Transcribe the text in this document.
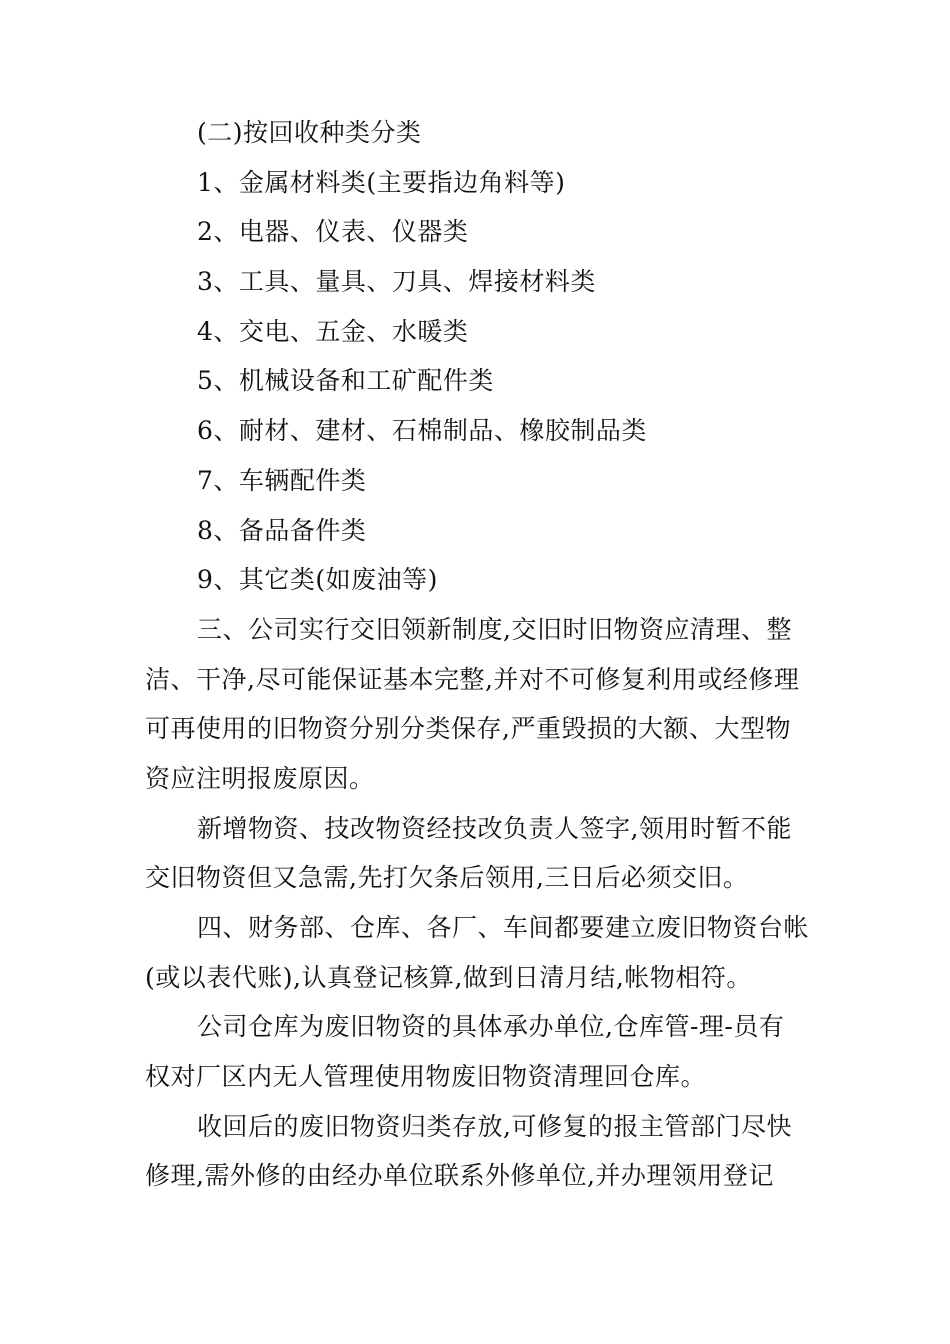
(二)按回收种类分类
1、金属材料类(主要指边角料等)
2、电器、仪表、仪器类
3、工具、量具、刀具、焊接材料类
4、交电、五金、水暖类
5、机械设备和工矿配件类
6、耐材、建材、石棉制品、橡胶制品类
7、车辆配件类
8、备品备件类
9、其它类(如废油等)
三、公司实行交旧领新制度,交旧时旧物资应清理、整
洁、干净,尽可能保证基本完整,并对不可修复利用或经修理
可再使用的旧物资分别分类保存,严重毁损的大额、大型物
资应注明报废原因。
新增物资、技改物资经技改负责人签字,领用时暂不能
交旧物资但又急需,先打欠条后领用,三日后必须交旧。
四、财务部、仓库、各厂、车间都要建立废旧物资台帐
(或以表代账),认真登记核算,做到日清月结,帐物相符。
公司仓库为废旧物资的具体承办单位,仓库管-理-员有
权对厂区内无人管理使用物废旧物资清理回仓库。
收回后的废旧物资归类存放,可修复的报主管部门尽快
修理,需外修的由经办单位联系外修单位,并办理领用登记
